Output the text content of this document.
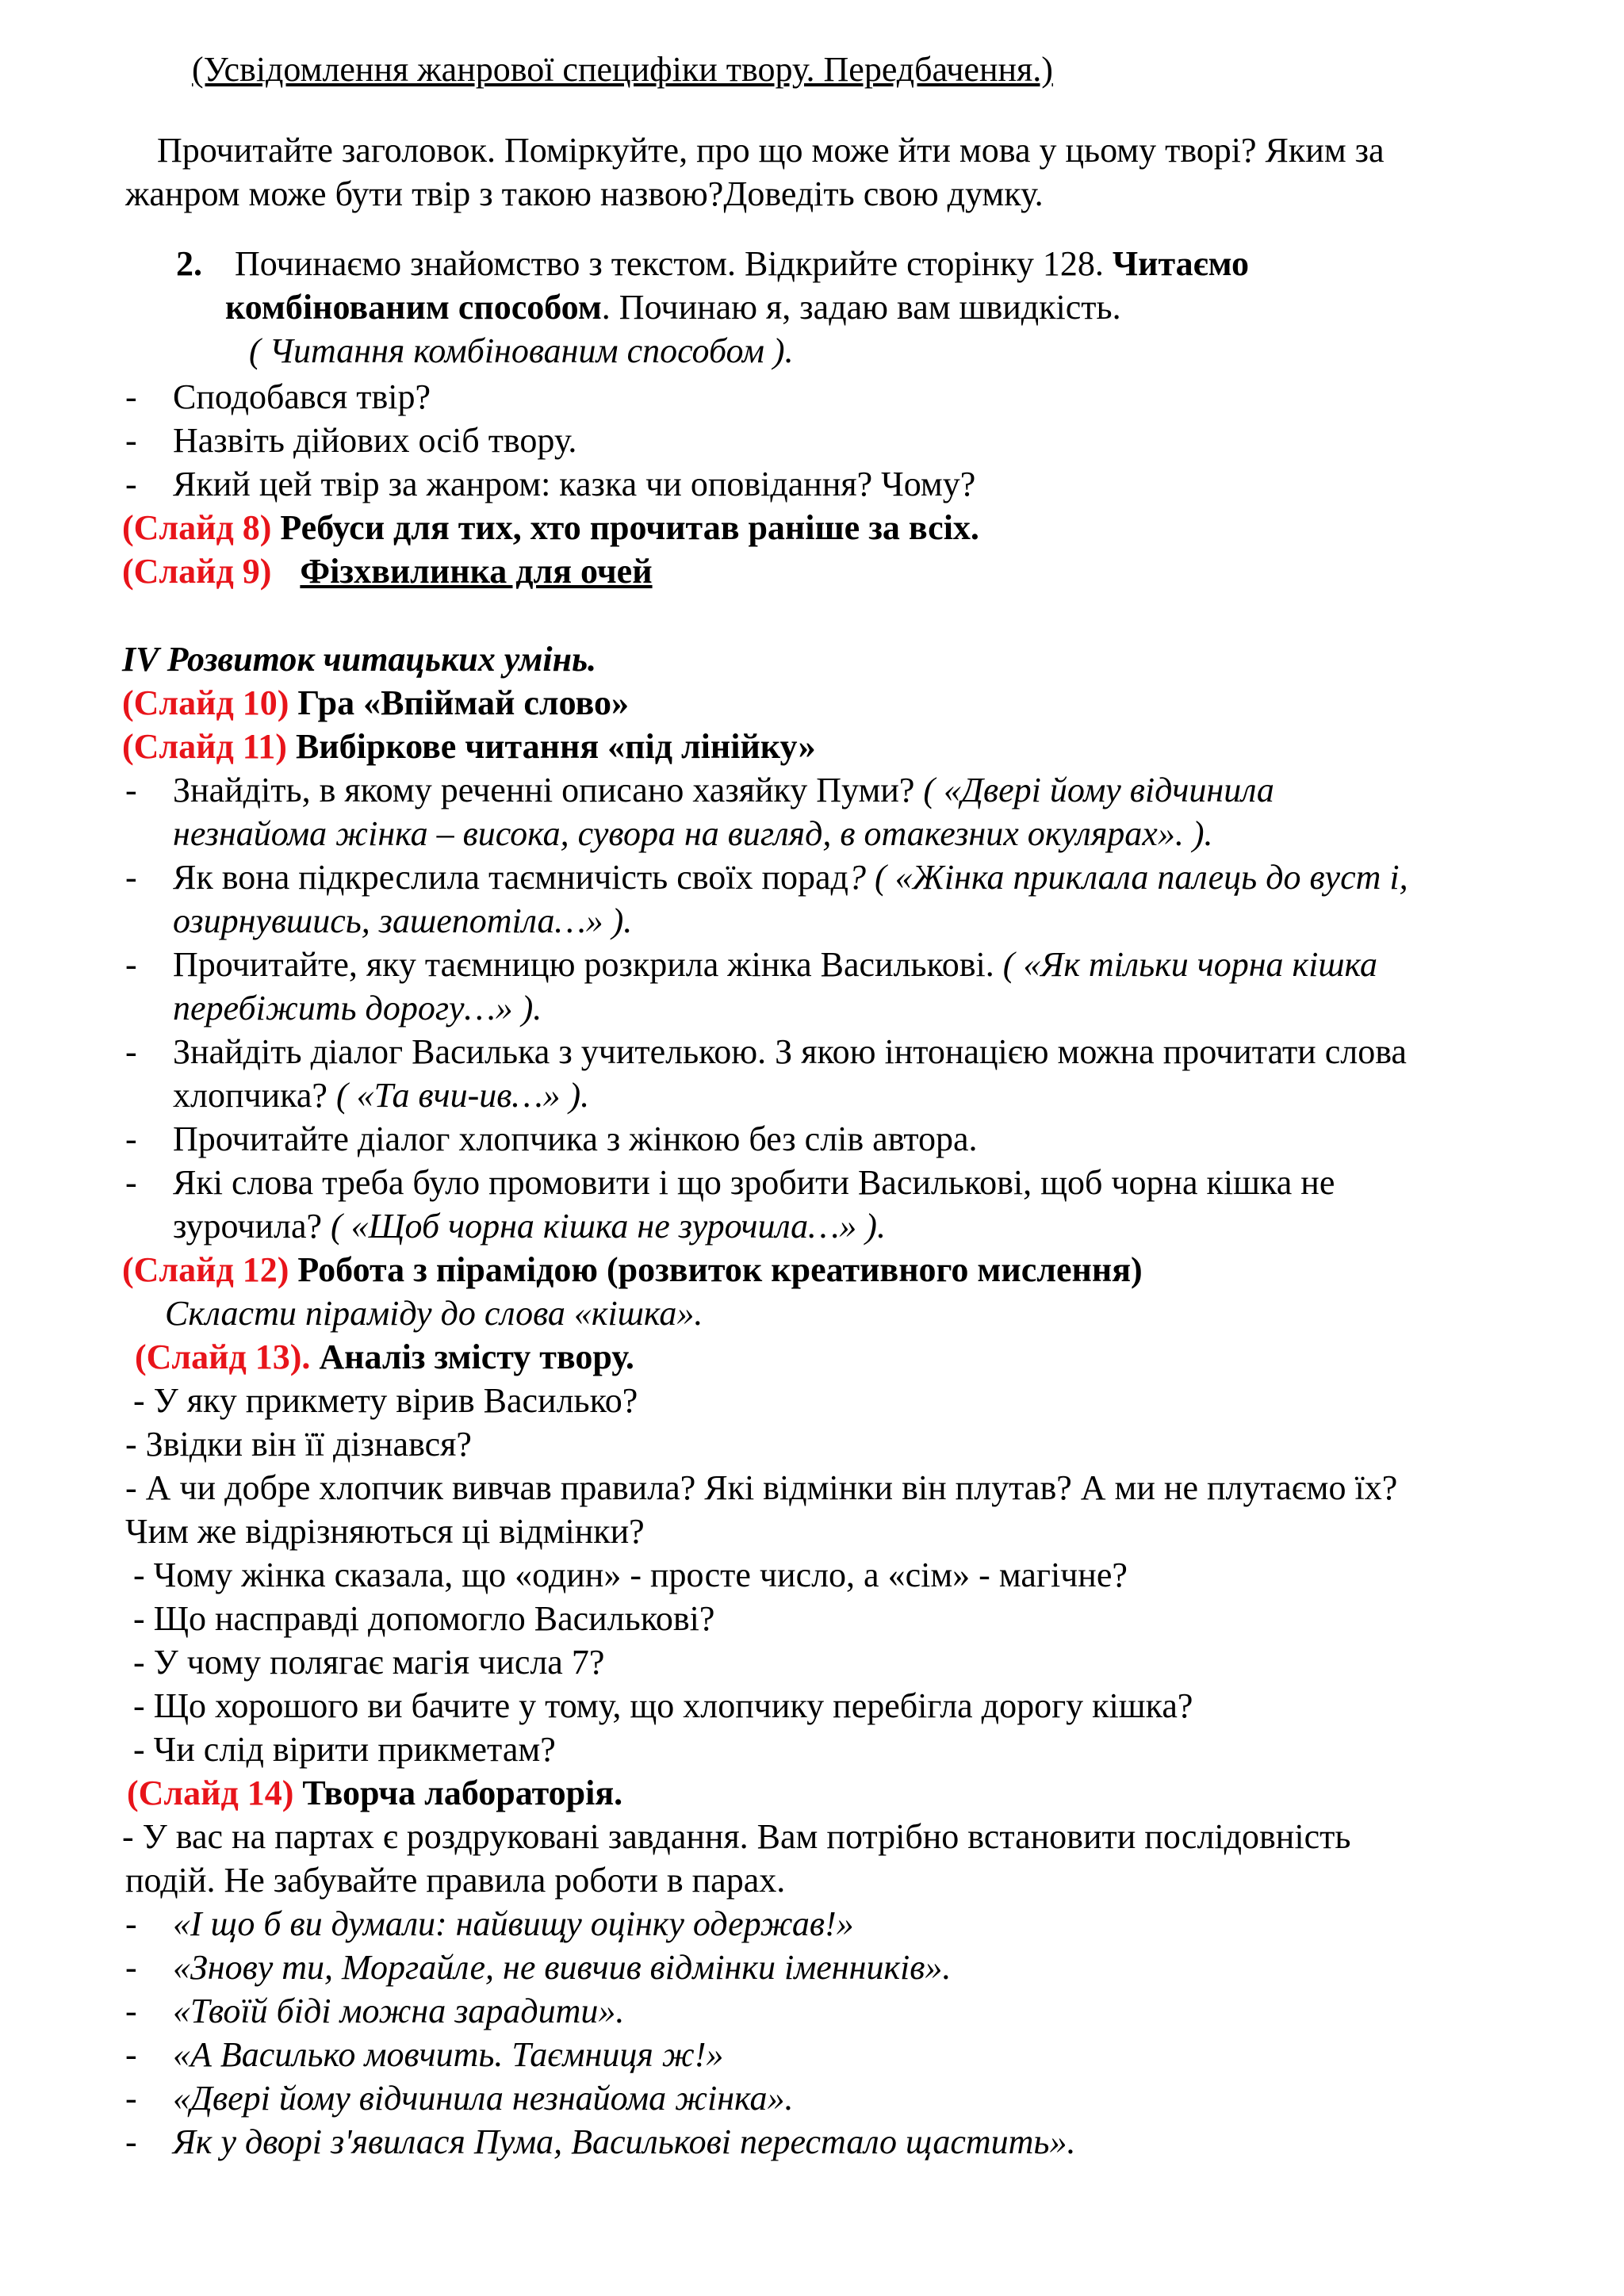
(Усвідомлення жанрової специфіки твору. Передбачення.)
Прочитайте заголовок. Поміркуйте, про що може йти мова у цьому творі? Яким за
жанром може бути твір з такою назвою?Доведіть свою думку.
2. Починаємо знайомство з текстом. Відкрийте сторінку 128. Читаємо
комбінованим способом. Починаю я, задаю вам швидкість.
( Читання комбінованим способом ).
- Сподобався твір?
- Назвіть дійових осіб твору.
- Який цей твір за жанром: казка чи оповідання? Чому?
(Слайд 8) Ребуси для тих, хто прочитав раніше за всіх.
(Слайд 9) Фізхвилинка для очей
IV Розвиток читацьких умінь.
(Слайд 10) Гра «Впіймай слово»
(Слайд 11) Вибіркове читання «під лінійку»
- Знайдіть, в якому реченні описано хазяйку Пуми? ( «Двері йому відчинила
незнайома жінка – висока, сувора на вигляд, в отакезних окулярах». ).
- Як вона підкреслила таємничість своїх порад? ( «Жінка приклала палець до вуст і,
озирнувшись, зашепотіла…» ).
- Прочитайте, яку таємницю розкрила жінка Василькові. ( «Як тільки чорна кішка
перебіжить дорогу…» ).
- Знайдіть діалог Василька з учителькою. З якою інтонацією можна прочитати слова
хлопчика? ( «Та вчи-ив…» ).
- Прочитайте діалог хлопчика з жінкою без слів автора.
- Які слова треба було промовити і що зробити Василькові, щоб чорна кішка не
зурочила? ( «Щоб чорна кішка не зурочила…» ).
(Слайд 12) Робота з пірамідою (розвиток креативного мислення)
Скласти піраміду до слова «кішка».
(Слайд 13). Аналіз змісту твору.
- У яку прикмету вірив Василько?
- Звідки він її дізнався?
- А чи добре хлопчик вивчав правила? Які відмінки він плутав? А ми не плутаємо їх?
Чим же відрізняються ці відмінки?
- Чому жінка сказала, що «один» - просте число, а «сім» - магічне?
- Що насправді допомогло Василькові?
- У чому полягає магія числа 7?
- Що хорошого ви бачите у тому, що хлопчику перебігла дорогу кішка?
- Чи слід вірити прикметам?
(Слайд 14) Творча лабораторія.
- У вас на партах є роздруковані завдання. Вам потрібно встановити послідовність
подій. Не забувайте правила роботи в парах.
- «І що б ви думали: найвищу оцінку одержав!»
- «Знову ти, Моргайле, не вивчив відмінки іменників».
- «Твоїй біді можна зарадити».
- «А Василько мовчить. Таємниця ж!»
- «Двері йому відчинила незнайома жінка».
- Як у дворі з'явилася Пума, Василькові перестало щастить».
